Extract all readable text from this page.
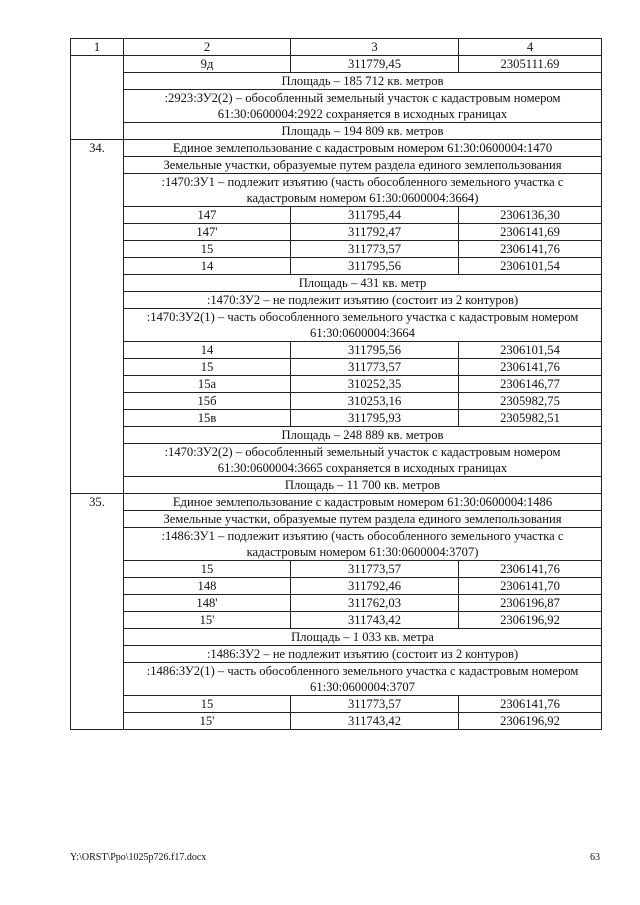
1	2	3	4
	9д	311779,45	2305111.69
	Площадь – 185 712 кв. метров		
	:2923:ЗУ2(2) – обособленный земельный участок с кадастровым номером 61:30:0600004:2922 сохраняется в исходных границах		
	Площадь – 194 809 кв. метров		
34.	Единое землепользование с кадастровым номером 61:30:0600004:1470		
	Земельные участки, образуемые путем раздела единого землепользования		
	:1470:ЗУ1 – подлежит изъятию (часть обособленного земельного участка с кадастровым номером 61:30:0600004:3664)		
	147	311795,44	2306136,30
	147'	311792,47	2306141,69
	15	311773,57	2306141,76
	14	311795,56	2306101,54
	Площадь – 431 кв. метр		
	:1470:ЗУ2 – не подлежит изъятию (состоит из 2 контуров)		
	:1470:ЗУ2(1) – часть обособленного земельного участка с кадастровым номером 61:30:0600004:3664		
	14	311795,56	2306101,54
	15	311773,57	2306141,76
	15а	310252,35	2306146,77
	15б	310253,16	2305982,75
	15в	311795,93	2305982,51
	Площадь – 248 889 кв. метров		
	:1470:ЗУ2(2) – обособленный земельный участок с кадастровым номером 61:30:0600004:3665 сохраняется в исходных границах		
	Площадь – 11 700 кв. метров		
35.	Единое землепользование с кадастровым номером 61:30:0600004:1486		
	Земельные участки, образуемые путем раздела единого землепользования		
	:1486:ЗУ1 – подлежит изъятию (часть обособленного земельного участка с кадастровым номером 61:30:0600004:3707)		
	15	311773,57	2306141,76
	148	311792,46	2306141,70
	148'	311762,03	2306196,87
	15'	311743,42	2306196,92
	Площадь – 1 033 кв. метра		
	:1486:ЗУ2 – не подлежит изъятию (состоит из 2 контуров)		
	:1486:ЗУ2(1) – часть обособленного земельного участка с кадастровым номером 61:30:0600004:3707		
	15	311773,57	2306141,76
	15'	311743,42	2306196,92
Y:\ORST\Ppo\1025p726.f17.docx	63
